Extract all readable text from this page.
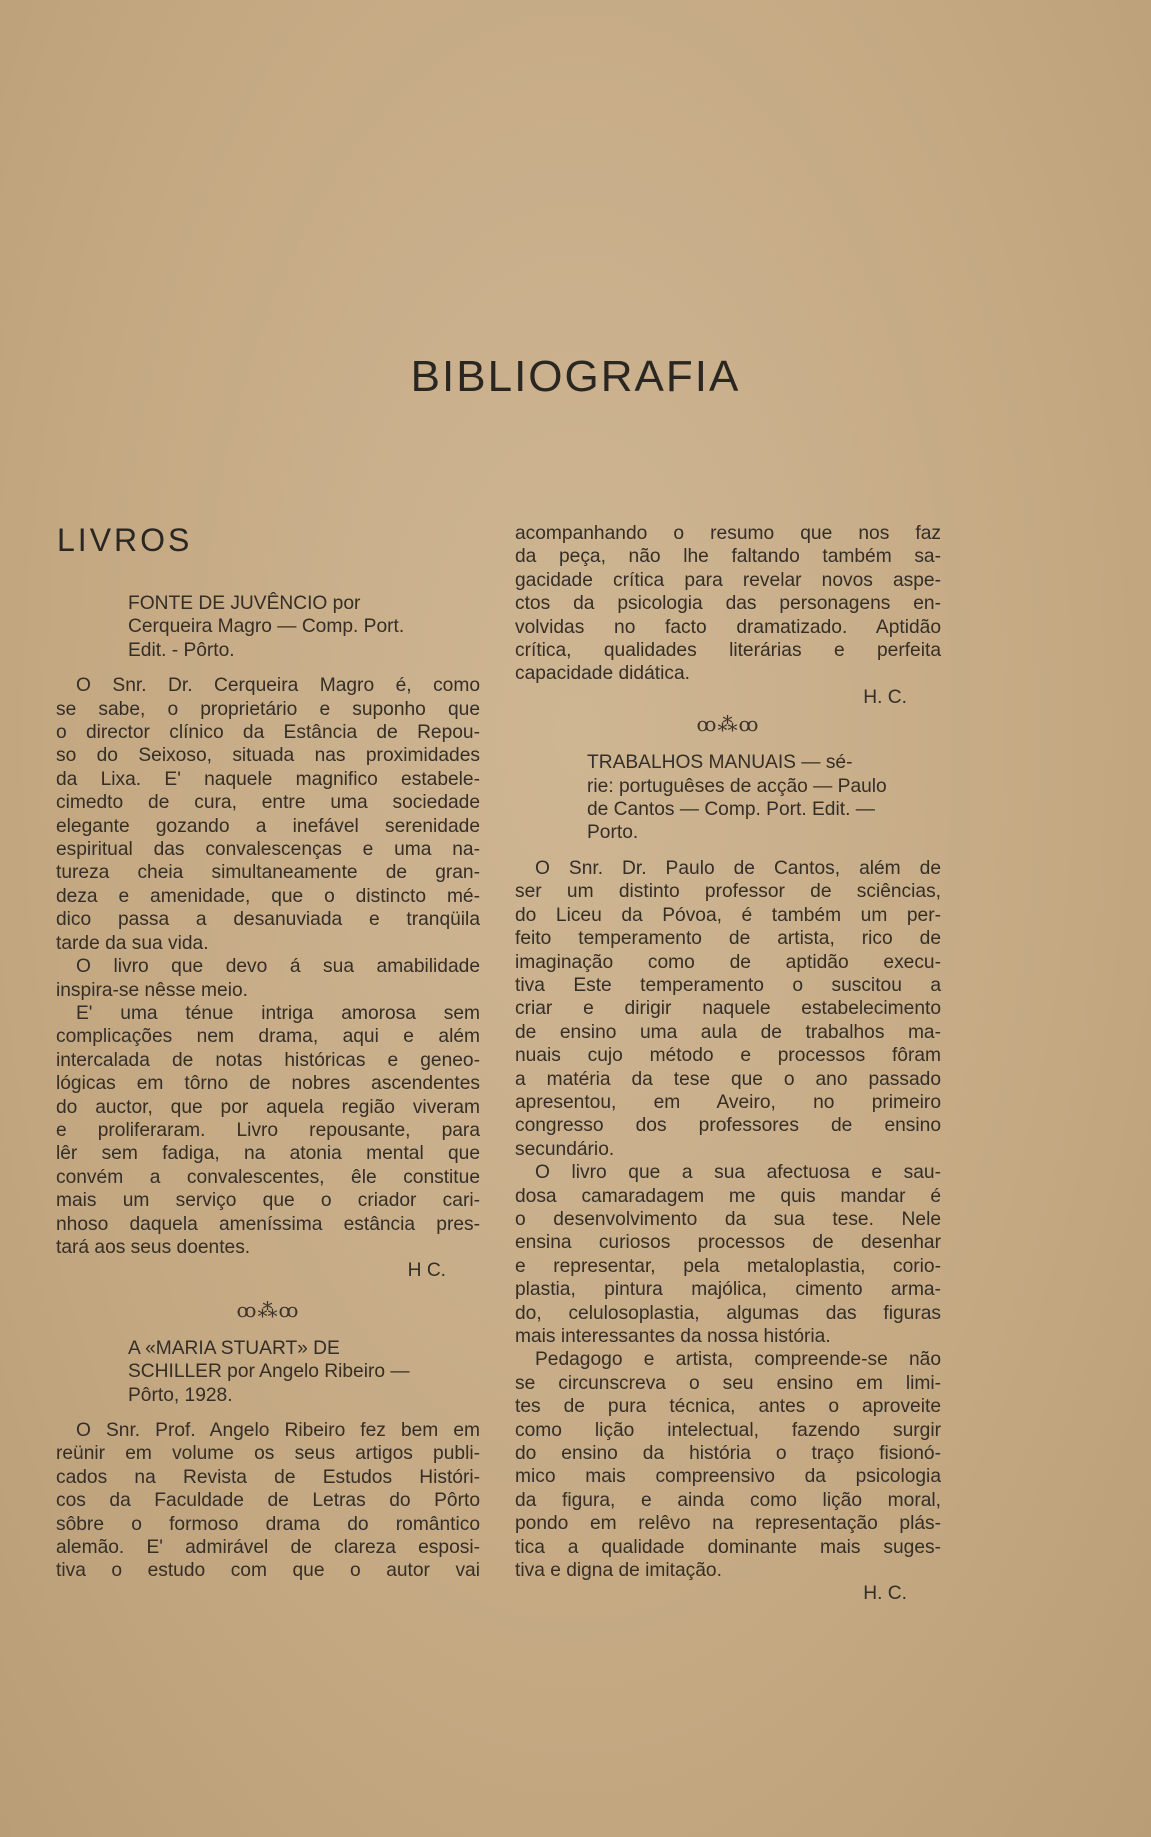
BIBLIOGRAFIA
LIVROS
FONTE DE JUVÊNCIO por
Cerqueira Magro — Comp. Port.
Edit. - Pôrto.
O Snr. Dr. Cerqueira Magro é, como
se sabe, o proprietário e suponho que
o director clínico da Estância de Repou-
so do Seixoso, situada nas proximidades
da Lixa. E' naquele magnifico estabele-
cimedto de cura, entre uma sociedade
elegante gozando a inefável serenidade
espiritual das convalescenças e uma na-
tureza cheia simultaneamente de gran-
deza e amenidade, que o distincto mé-
dico passa a desanuviada e tranqüila
tarde da sua vida.
O livro que devo á sua amabilidade
inspira-se nêsse meio.
E' uma ténue intriga amorosa sem
complicações nem drama, aqui e além
intercalada de notas históricas e geneo-
lógicas em tôrno de nobres ascendentes
do auctor, que por aquela região viveram
e proliferaram. Livro repousante, para
lêr sem fadiga, na atonia mental que
convém a convalescentes, êle constitue
mais um serviço que o criador cari-
nhoso daquela ameníssima estância pres-
tará aos seus doentes.
H C.
ꝏ⁂ꝏ
A «MARIA STUART» DE
SCHILLER por Angelo Ribeiro —
Pôrto, 1928.
O Snr. Prof. Angelo Ribeiro fez bem em
reünir em volume os seus artigos publi-
cados na Revista de Estudos Históri-
cos da Faculdade de Letras do Pôrto
sôbre o formoso drama do romântico
alemão. E' admirável de clareza esposi-
tiva o estudo com que o autor vai
acompanhando o resumo que nos faz
da peça, não lhe faltando também sa-
gacidade crítica para revelar novos aspe-
ctos da psicologia das personagens en-
volvidas no facto dramatizado. Aptidão
crítica, qualidades literárias e perfeita
capacidade didática.
H. C.
ꝏ⁂ꝏ
TRABALHOS MANUAIS — sé-
rie: portuguêses de acção — Paulo
de Cantos — Comp. Port. Edit. —
Porto.
O Snr. Dr. Paulo de Cantos, além de
ser um distinto professor de sciências,
do Liceu da Póvoa, é também um per-
feito temperamento de artista, rico de
imaginação como de aptidão execu-
tiva Este temperamento o suscitou a
criar e dirigir naquele estabelecimento
de ensino uma aula de trabalhos ma-
nuais cujo método e processos fôram
a matéria da tese que o ano passado
apresentou, em Aveiro, no primeiro
congresso dos professores de ensino
secundário.
O livro que a sua afectuosa e sau-
dosa camaradagem me quis mandar é
o desenvolvimento da sua tese. Nele
ensina curiosos processos de desenhar
e representar, pela metaloplastia, corio-
plastia, pintura majólica, cimento arma-
do, celulosoplastia, algumas das figuras
mais interessantes da nossa história.
Pedagogo e artista, compreende-se não
se circunscreva o seu ensino em limi-
tes de pura técnica, antes o aproveite
como lição intelectual, fazendo surgir
do ensino da história o traço fisionó-
mico mais compreensivo da psicologia
da figura, e ainda como lição moral,
pondo em relêvo na representação plás-
tica a qualidade dominante mais suges-
tiva e digna de imitação.
H. C.
